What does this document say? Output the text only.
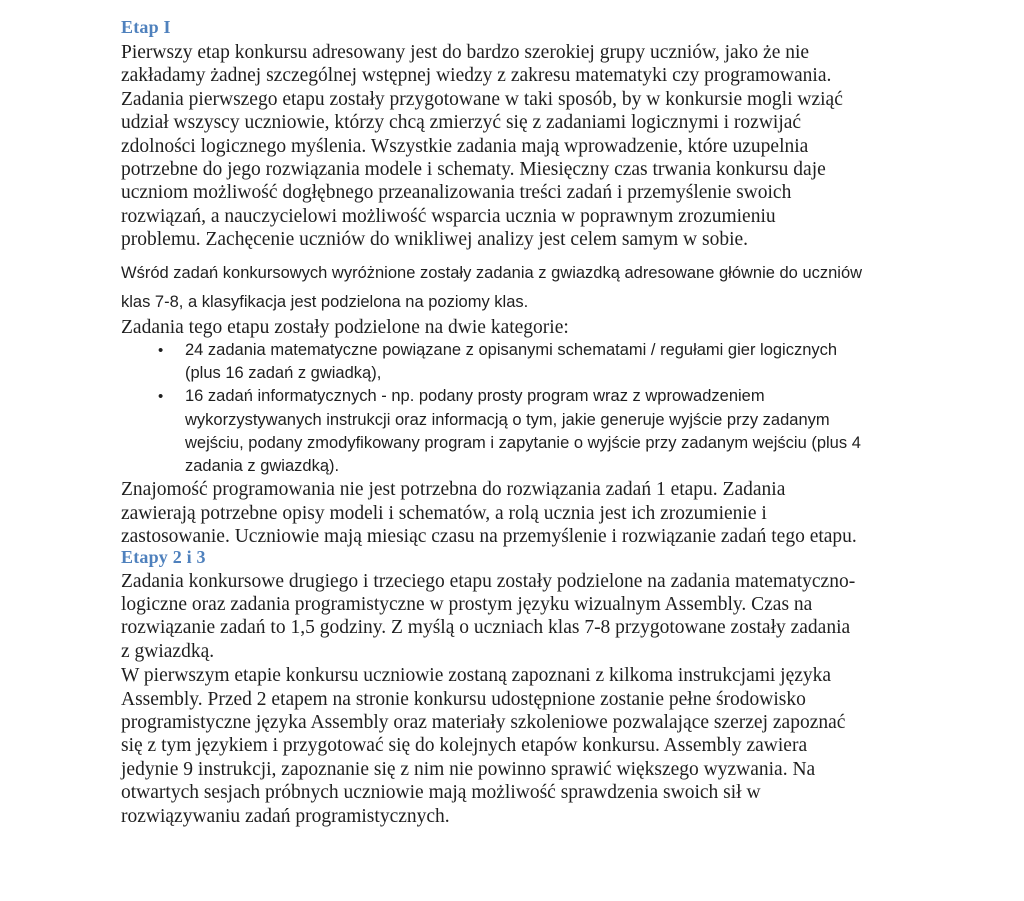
Etap I
Pierwszy etap konkursu adresowany jest do bardzo szerokiej grupy uczniów, jako że nie
zakładamy żadnej szczególnej wstępnej wiedzy z zakresu matematyki czy programowania.
Zadania pierwszego etapu zostały przygotowane w taki sposób, by w konkursie mogli wziąć
udział wszyscy uczniowie, którzy chcą zmierzyć się z zadaniami logicznymi i rozwijać
zdolności logicznego myślenia. Wszystkie zadania mają wprowadzenie, które uzupelnia
potrzebne do jego rozwiązania modele i schematy. Miesięczny czas trwania konkursu daje
uczniom możliwość dogłębnego przeanalizowania treści zadań i przemyślenie swoich
rozwiązań, a nauczycielowi możliwość wsparcia ucznia w poprawnym zrozumieniu
problemu. Zachęcenie uczniów do wnikliwej analizy jest celem samym w sobie.
Wśród zadań konkursowych wyróżnione zostały zadania z gwiazdką adresowane głównie do uczniów
klas 7-8, a klasyfikacja jest podzielona na poziomy klas.
Zadania tego etapu zostały podzielone na dwie kategorie:
•	24 zadania matematyczne powiązane z opisanymi schematami / regułami gier logicznych
(plus 16 zadań z gwiadką),
•	16 zadań informatycznych - np. podany prosty program wraz z wprowadzeniem
wykorzystywanych instrukcji oraz informacją o tym, jakie generuje wyjście przy zadanym
wejściu, podany zmodyfikowany program i zapytanie o wyjście przy zadanym wejściu (plus 4
zadania z gwiazdką).
Znajomość programowania nie jest potrzebna do rozwiązania zadań 1 etapu. Zadania
zawierają potrzebne opisy modeli i schematów, a rolą ucznia jest ich zrozumienie i
zastosowanie. Uczniowie mają miesiąc czasu na przemyślenie i rozwiązanie zadań tego etapu.
Etapy 2 i 3
Zadania konkursowe drugiego i trzeciego etapu zostały podzielone na zadania matematyczno-
logiczne oraz zadania programistyczne w prostym języku wizualnym Assembly. Czas na
rozwiązanie zadań to 1,5 godziny. Z myślą o uczniach klas 7-8 przygotowane zostały zadania
z gwiazdką.
W pierwszym etapie konkursu uczniowie zostaną zapoznani z kilkoma instrukcjami języka
Assembly. Przed 2 etapem na stronie konkursu udostępnione zostanie pełne środowisko
programistyczne języka Assembly oraz materiały szkoleniowe pozwalające szerzej zapoznać
się z tym językiem i przygotować się do kolejnych etapów konkursu. Assembly zawiera
jedynie 9 instrukcji, zapoznanie się z nim nie powinno sprawić większego wyzwania. Na
otwartych sesjach próbnych uczniowie mają możliwość sprawdzenia swoich sił w
rozwiązywaniu zadań programistycznych.
